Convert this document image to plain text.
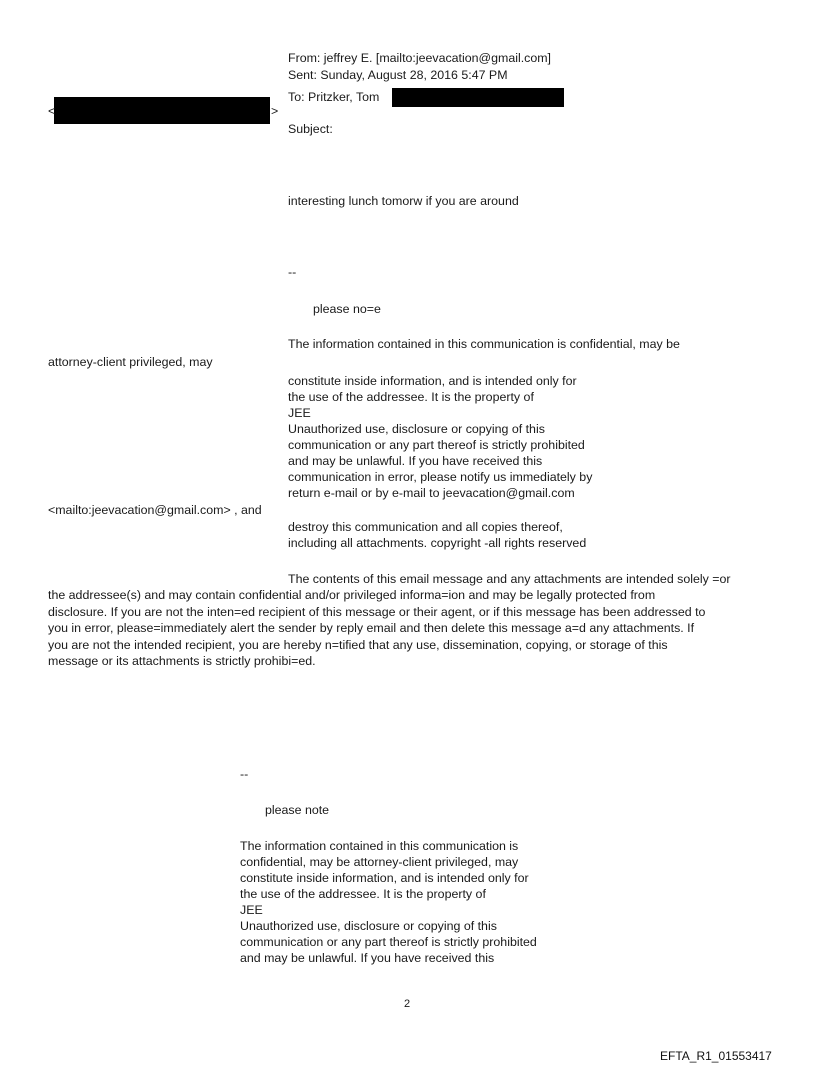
<	>
From: jeffrey E. [mailto:jeevacation@gmail.com]
Sent: Sunday, August 28, 2016 5:47 PM
To: Pritzker, Tom
Subject:
interesting lunch tomorw if you are around
--
please no=e
The information contained in this communication is confidential, may be
attorney-client privileged, may
constitute inside information, and is intended only for
the use of the addressee. It is the property of
JEE
Unauthorized use, disclosure or copying of this
communication or any part thereof is strictly prohibited
and may be unlawful. If you have received this
communication in error, please notify us immediately by
return e-mail or by e-mail to jeevacation@gmail.com
<mailto:jeevacation@gmail.com> , and
destroy this communication and all copies thereof,
including all attachments. copyright -all rights reserved
The contents of this email message and any attachments are intended solely =or
the addressee(s) and may contain confidential and/or privileged informa=ion and may be legally protected from
disclosure. If you are not the inten=ed recipient of this message or their agent, or if this message has been addressed to
you in error, please=immediately alert the sender by reply email and then delete this message a=d any attachments. If
you are not the intended recipient, you are hereby n=tified that any use, dissemination, copying, or storage of this
message or its attachments is strictly prohibi=ed.
--
please note
The information contained in this communication is
confidential, may be attorney-client privileged, may
constitute inside information, and is intended only for
the use of the addressee. It is the property of
JEE
Unauthorized use, disclosure or copying of this
communication or any part thereof is strictly prohibited
and may be unlawful. If you have received this
2
EFTA_R1_01553417
